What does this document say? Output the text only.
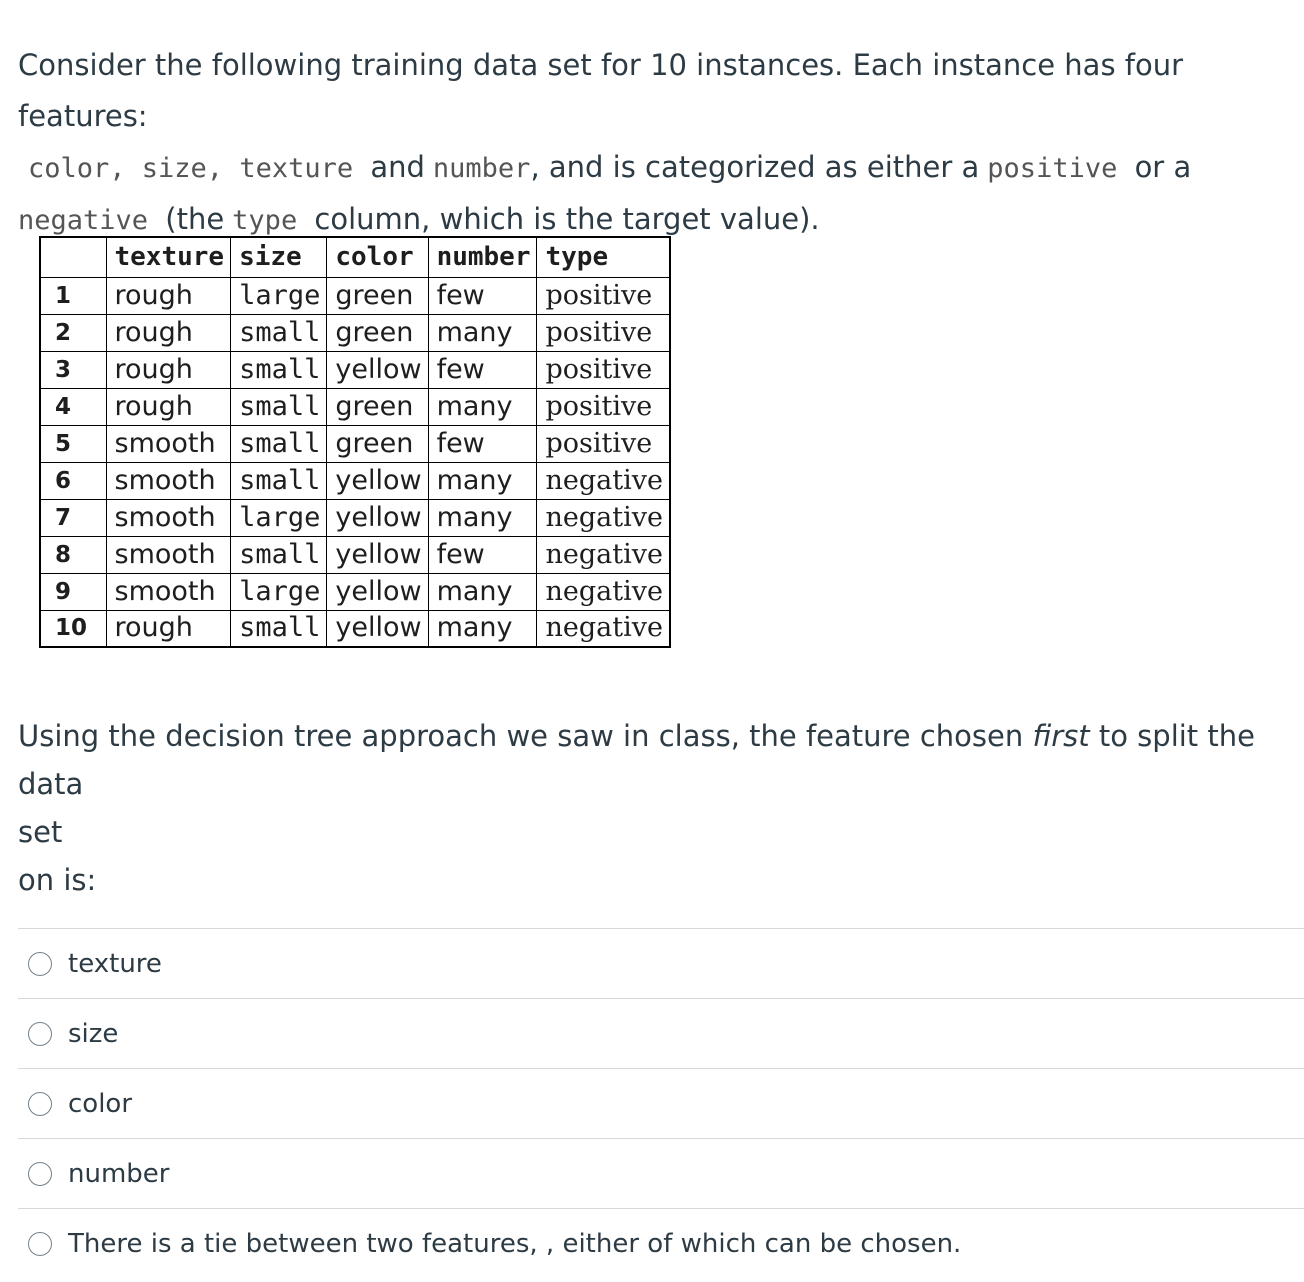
Consider the following training data set for 10 instances. Each instance has four features:

color, size, texture and number, and is categorized as either a positive or a

negative (the type column, which is the target value).

	texture	size	color	number	type
1	rough	large	green	few	positive
2	rough	small	green	many	positive
3	rough	small	yellow	few	positive
4	rough	small	green	many	positive
5	smooth	small	green	few	positive
6	smooth	small	yellow	many	negative
7	smooth	large	yellow	many	negative
8	smooth	small	yellow	few	negative
9	smooth	large	yellow	many	negative
10	rough	small	yellow	many	negative

Using the decision tree approach we saw in class, the feature chosen first to split the data

set

on is:

texture
size
color
number
There is a tie between two features, , either of which can be chosen.
